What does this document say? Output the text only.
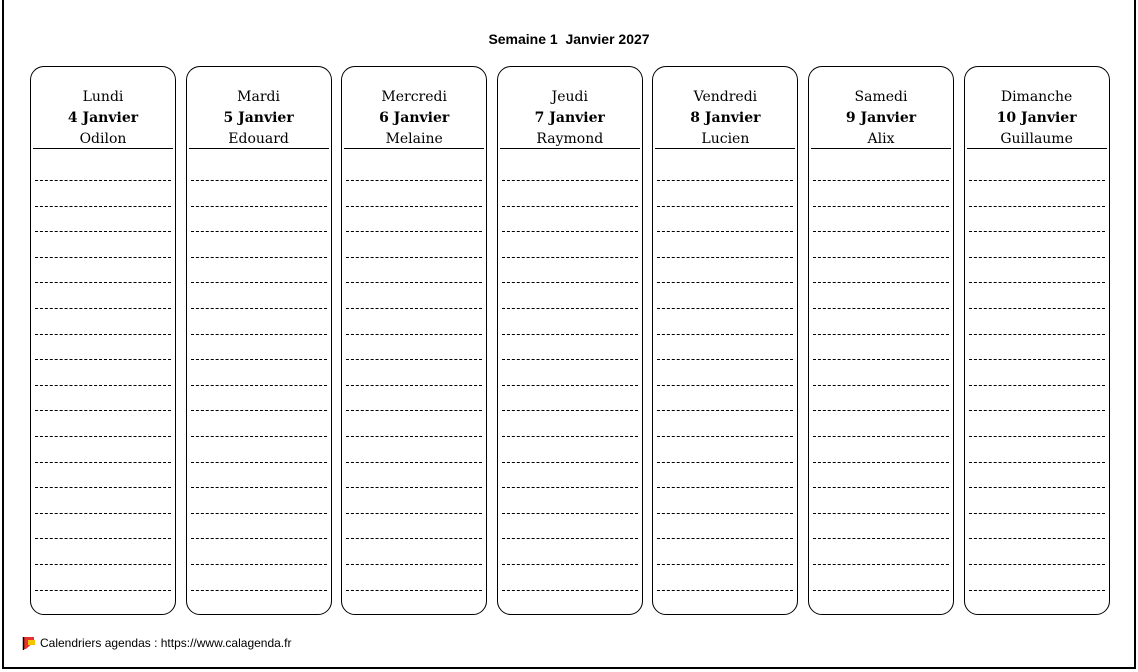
Semaine 1  Janvier 2027
Lundi
4 Janvier
Odilon
Mardi
5 Janvier
Edouard
Mercredi
6 Janvier
Melaine
Jeudi
7 Janvier
Raymond
Vendredi
8 Janvier
Lucien
Samedi
9 Janvier
Alix
Dimanche
10 Janvier
Guillaume
Calendriers agendas : https://www.calagenda.fr
